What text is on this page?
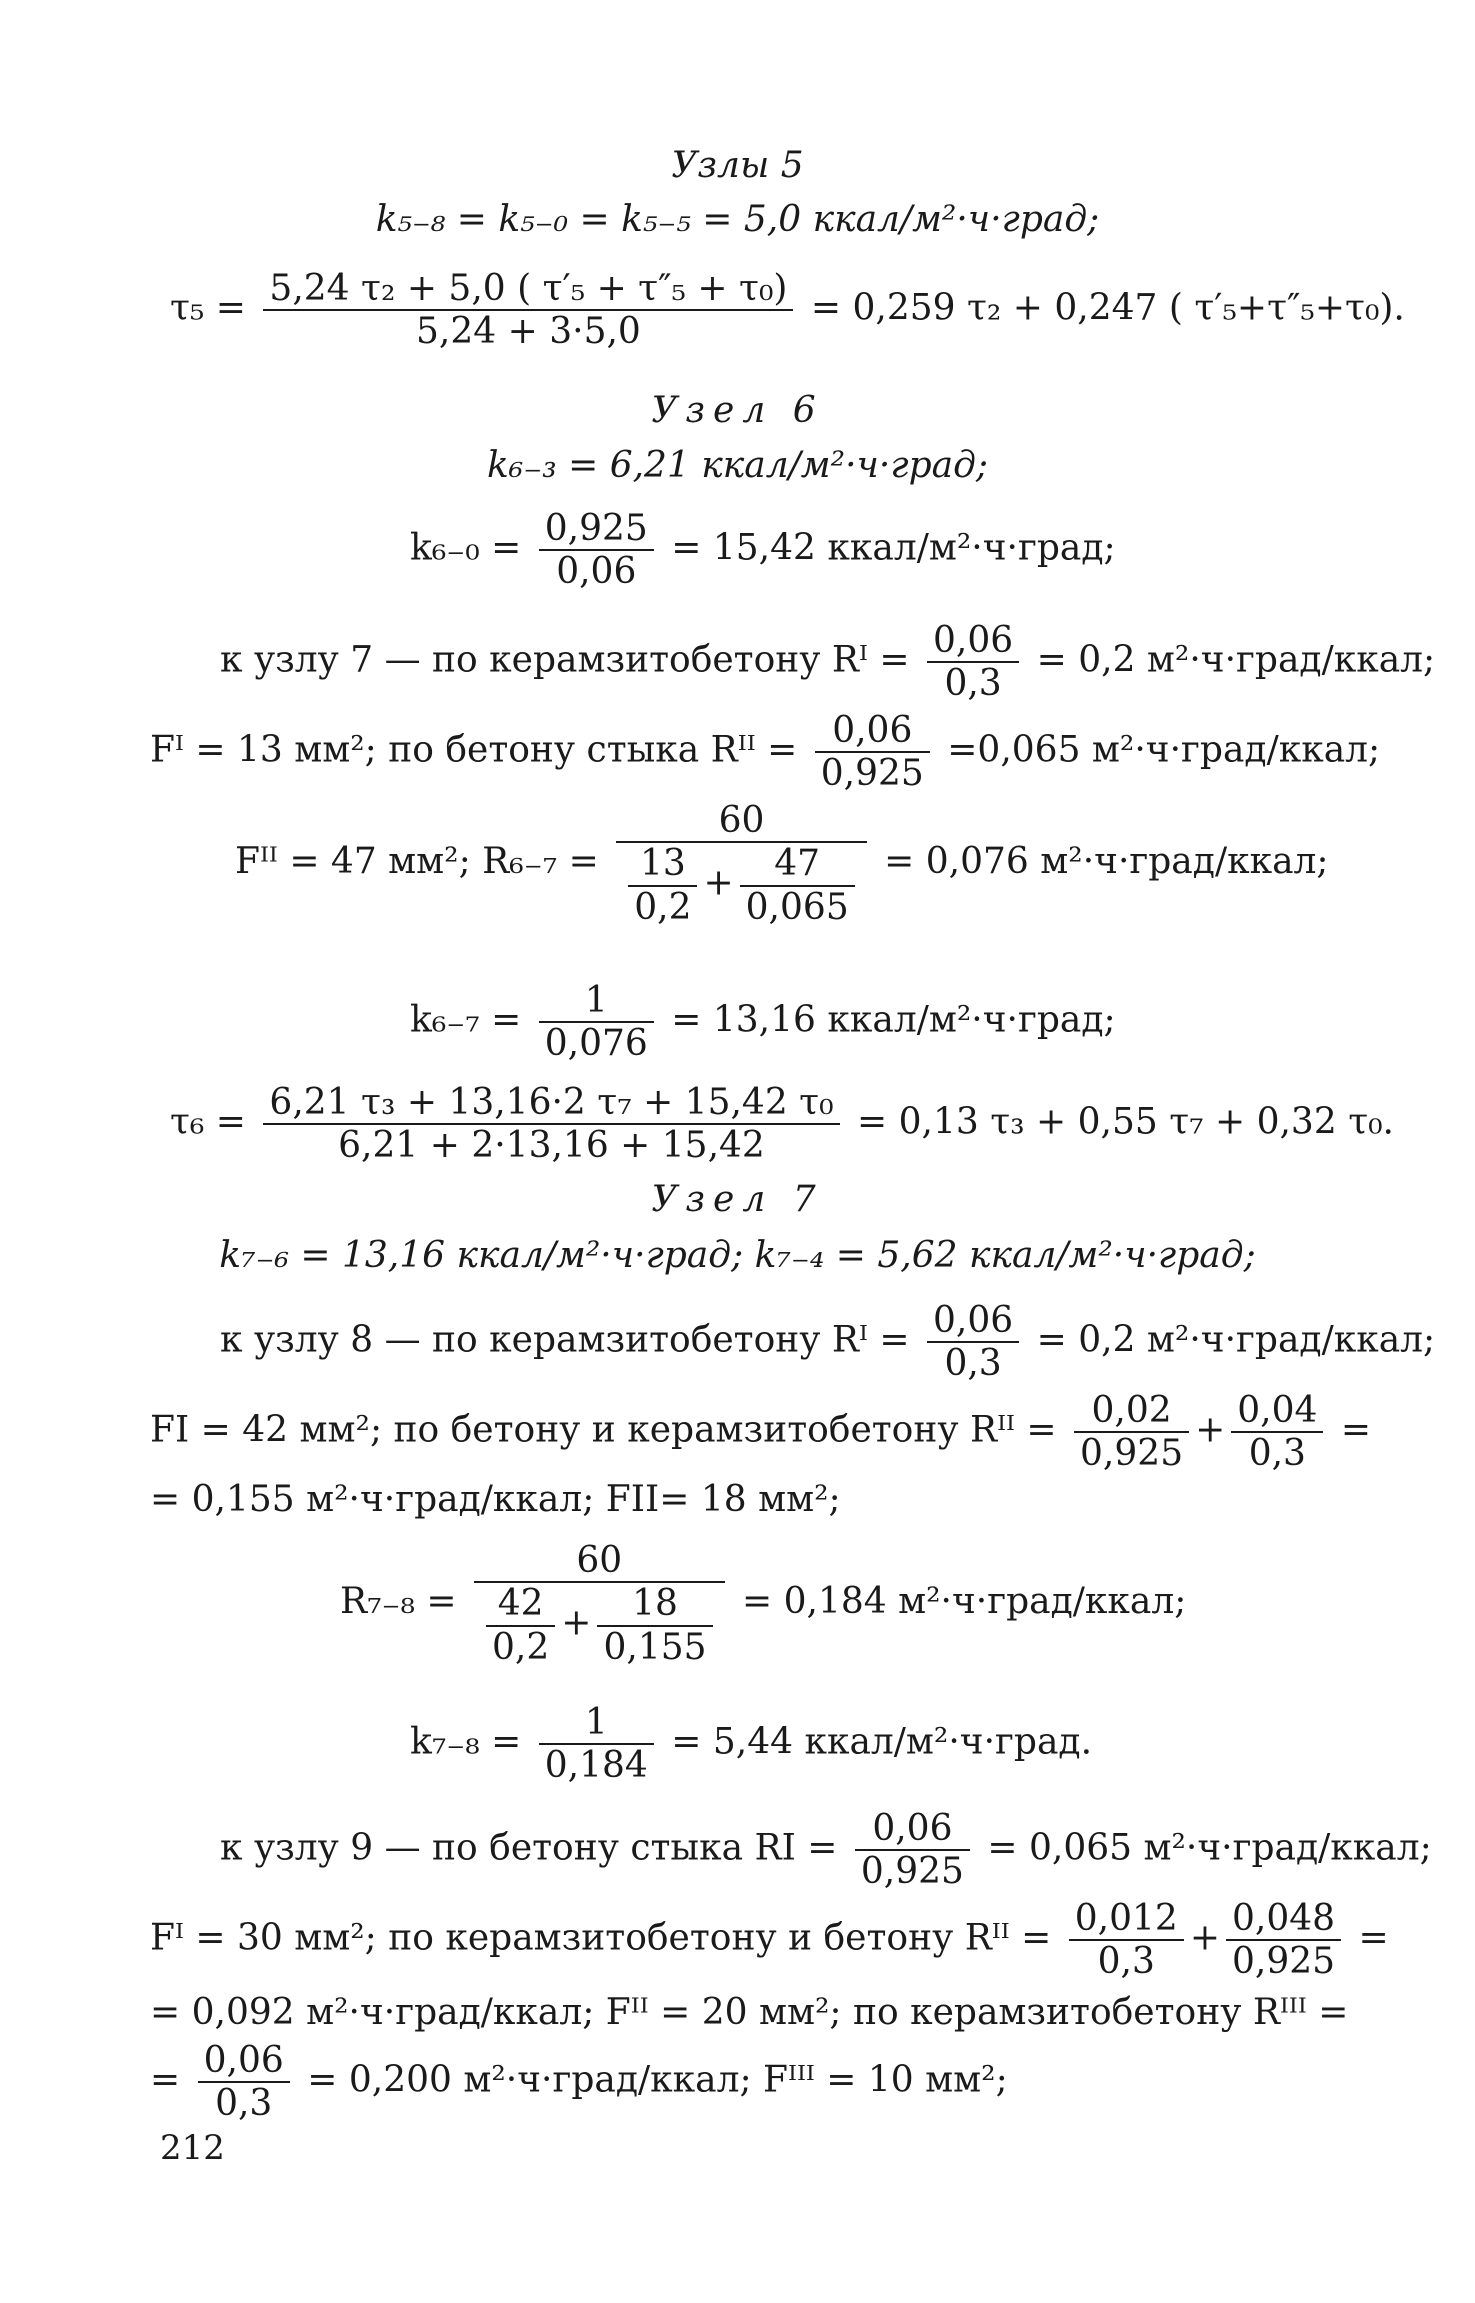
Узлы 5
k₅₋₈ = k₅₋₀ = k₅₋₅ = 5,0 ккал/м²·ч·град;
$\tau_5 = \frac{\text{5,24 τ₂ + 5,0 ( τ′₅ + τ″₅ + τ₀)}}{5,24 + 3\cdot 5,0} = 0,259$ τ₂ + 0,247 ( τ′₅+τ″₅+τ₀).
Узел 6
k₆₋₃ = 6,21 ккал/м²·ч·град;
$k_{6-0} = \frac{0,925}{0,06} = 15,42$ ккал/м²·ч·град;
к узлу 7 — по керамзитобетону Rᴵ = $\frac{0,06}{0,3} = 0,2$ м²·ч·град/ккал;
Fᴵ = 13 мм²; по бетону стыка Rᴵᴵ = $\frac{0,06}{0,925} =0,065$ м²·ч·град/ккал;
Fᴵᴵ = 47 мм²; $R_{6-7} = \frac{60}{\frac{13}{0,2} + \frac{47}{0,065}} = 0,076$ м²·ч·град/ккал;
$k_{6-7} = \frac{1}{0,076} = 13,16$ ккал/м²·ч·град;
$\tau_6 = \frac{\text{6,21 τ₃ + 13,16·2 τ₇ + 15,42 τ₀}}{6,21 + 2\cdot 13,16 + 15,42} = 0,13$ τ₃ + 0,55 τ₇ + 0,32 τ₀.
Узел 7
k₇₋₆ = 13,16 ккал/м²·ч·град; k₇₋₄ = 5,62 ккал/м²·ч·град;
к узлу 8 — по керамзитобетону Rᴵ = $\frac{0,06}{0,3} = 0,2$ м²·ч·град/ккал;
FI = 42 мм²; по бетону и керамзитобетону Rᴵᴵ = $\frac{0,02}{0,925} + \frac{0,04}{0,3}$ =
= 0,155 м²·ч·град/ккал; FII= 18 мм²;
$R_{7-8} = \frac{60}{\frac{42}{0,2} + \frac{18}{0,155}} = 0,184$ м²·ч·град/ккал;
$k_{7-8} = \frac{1}{0,184} = 5,44$ ккал/м²·ч·град.
к узлу 9 — по бетону стыка RI = $\frac{0,06}{0,925} = 0,065$ м²·ч·град/ккал;
Fᴵ = 30 мм²; по керамзитобетону и бетону Rᴵᴵ = $\frac{0,012}{0,3} + \frac{0,048}{0,925}$ =
= 0,092 м²·ч·град/ккал; Fᴵᴵ = 20 мм²; по керамзитобетону Rᴵᴵᴵ =
= $\frac{0,06}{0,3} = 0,200$ м²·ч·град/ккал; Fᴵᴵᴵ = 10 мм²;
212
